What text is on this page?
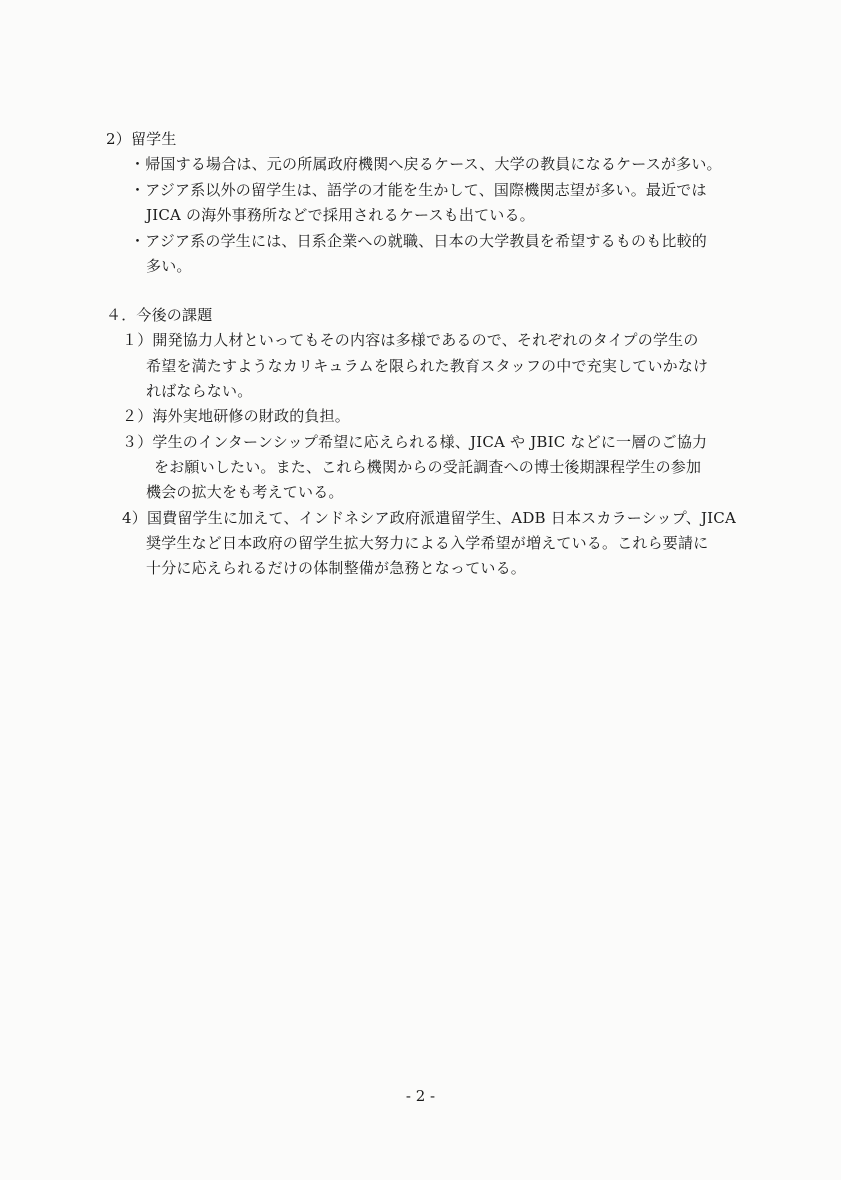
2）留学生
・帰国する場合は、元の所属政府機関へ戻るケース、大学の教員になるケースが多い。
・アジア系以外の留学生は、語学の才能を生かして、国際機関志望が多い。最近では
JICA の海外事務所などで採用されるケースも出ている。
・アジア系の学生には、日系企業への就職、日本の大学教員を希望するものも比較的
多い。
４．今後の課題
１）開発協力人材といってもその内容は多様であるので、それぞれのタイプの学生の
希望を満たすようなカリキュラムを限られた教育スタッフの中で充実していかなけ
ればならない。
２）海外実地研修の財政的負担。
３）学生のインターンシップ希望に応えられる様、JICA や JBIC などに一層のご協力
をお願いしたい。また、これら機関からの受託調査への博士後期課程学生の参加
機会の拡大をも考えている。
4）国費留学生に加えて、インドネシア政府派遣留学生、ADB 日本スカラーシップ、JICA
奨学生など日本政府の留学生拡大努力による入学希望が増えている。これら要請に
十分に応えられるだけの体制整備が急務となっている。
- 2 -
